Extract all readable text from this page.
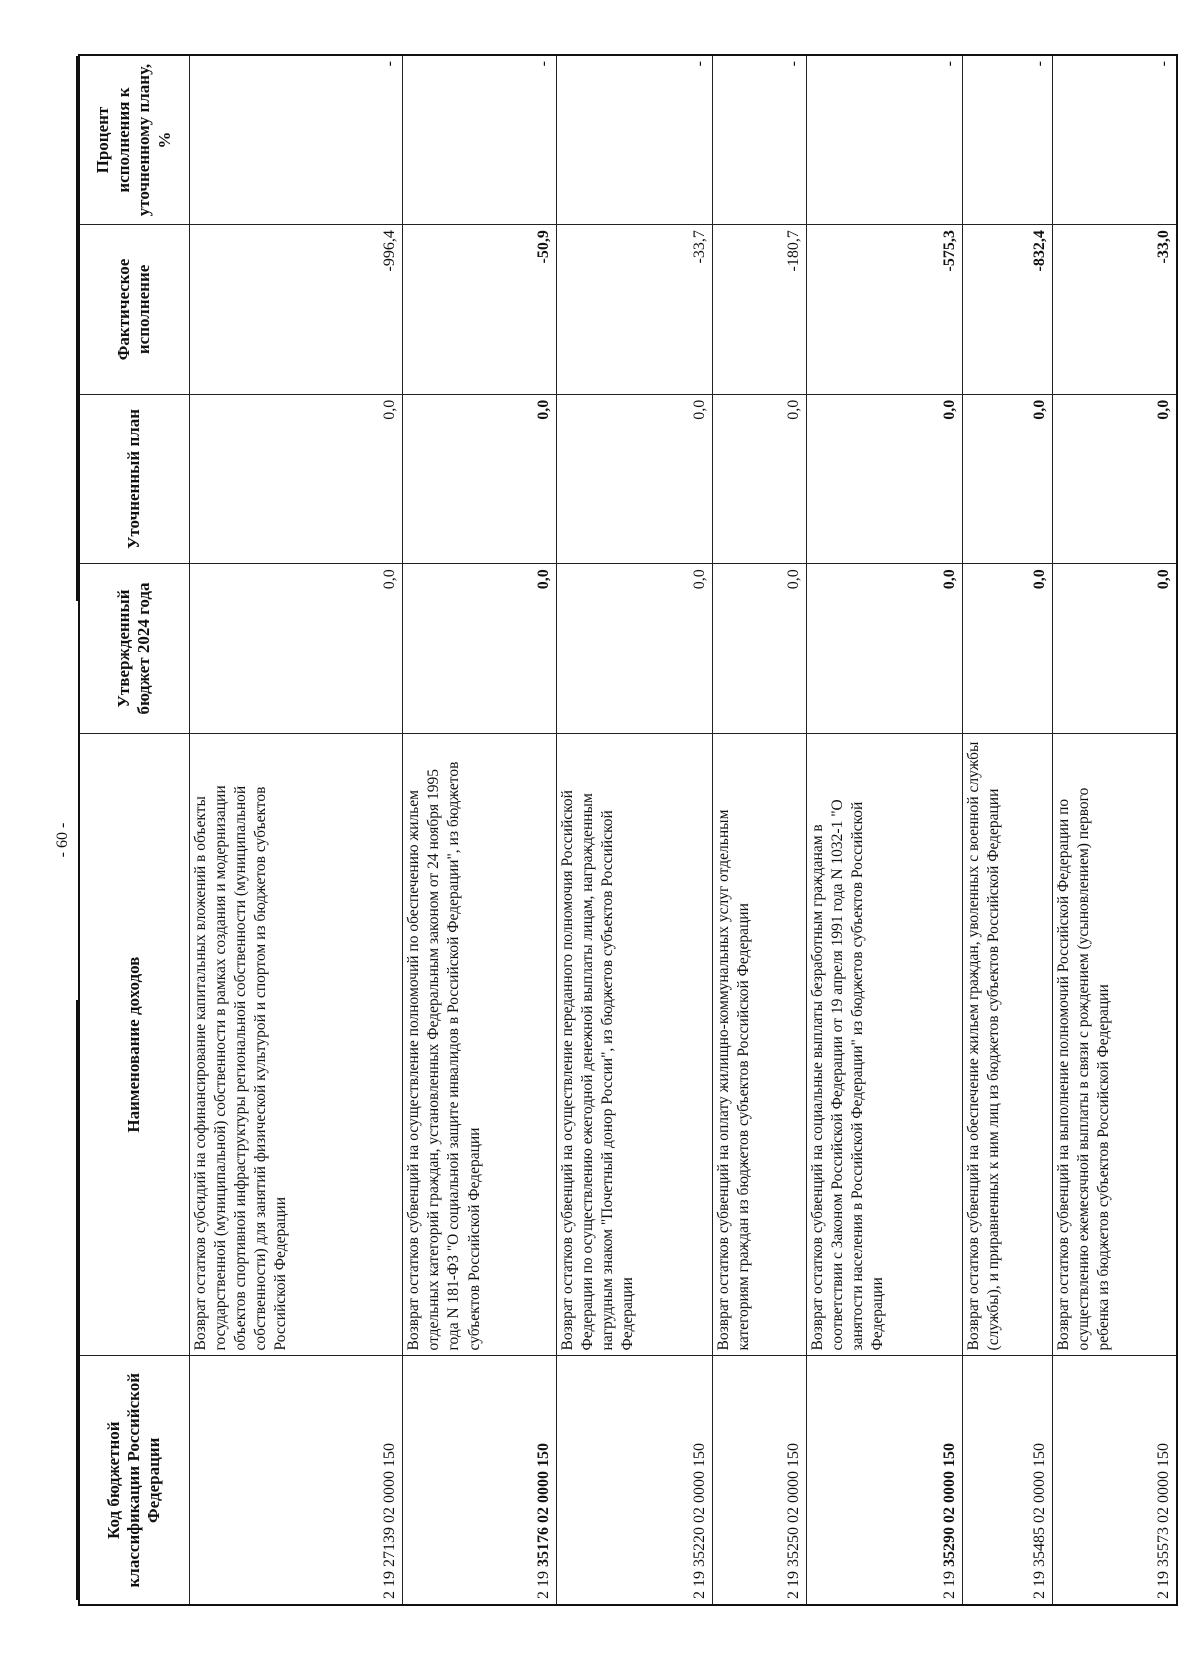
- 60 -
Код бюджетной классификации Российской Федерации	Наименование доходов	Утвержденный бюджет 2024 года	Уточненный план	Фактическое исполнение	Процент исполнения к уточненному плану, %
2 19 27139 02 0000 150	Возврат остатков субсидий на софинансирование капитальных вложений в объекты государственной (муниципальной) собственности в рамках создания и модернизации объектов спортивной инфраструктуры региональной собственности (муниципальной собственности) для занятий физической культурой и спортом из бюджетов субъектов Российской Федерации	0,0	0,0	-996,4	-
2 19 35176 02 0000 150	Возврат остатков субвенций на осуществление полномочий по обеспечению жильем отдельных категорий граждан, установленных Федеральным законом от 24 ноября 1995 года N 181-ФЗ "О социальной защите инвалидов в Российской Федерации", из бюджетов субъектов Российской Федерации	0,0	0,0	-50,9	-
2 19 35220 02 0000 150	Возврат остатков субвенций на осуществление переданного полномочия Российской Федерации по осуществлению ежегодной денежной выплаты лицам, награжденным нагрудным знаком "Почетный донор России", из бюджетов субъектов Российской Федерации	0,0	0,0	-33,7	-
2 19 35250 02 0000 150	Возврат остатков субвенций на оплату жилищно-коммунальных услуг отдельным категориям граждан из бюджетов субъектов Российской Федерации	0,0	0,0	-180,7	-
2 19 35290 02 0000 150	Возврат остатков субвенций на социальные выплаты безработным гражданам в соответствии с Законом Российской Федерации от 19 апреля 1991 года N 1032-1 "О занятости населения в Российской Федерации" из бюджетов субъектов Российской Федерации	0,0	0,0	-575,3	-
2 19 35485 02 0000 150	Возврат остатков субвенций на обеспечение жильем граждан, уволенных с военной службы (службы), и приравненных к ним лиц из бюджетов субъектов Российской Федерации	0,0	0,0	-832,4	-
2 19 35573 02 0000 150	Возврат остатков субвенций на выполнение полномочий Российской Федерации по осуществлению ежемесячной выплаты в связи с рождением (усыновлением) первого ребенка из бюджетов субъектов Российской Федерации	0,0	0,0	-33,0	-
